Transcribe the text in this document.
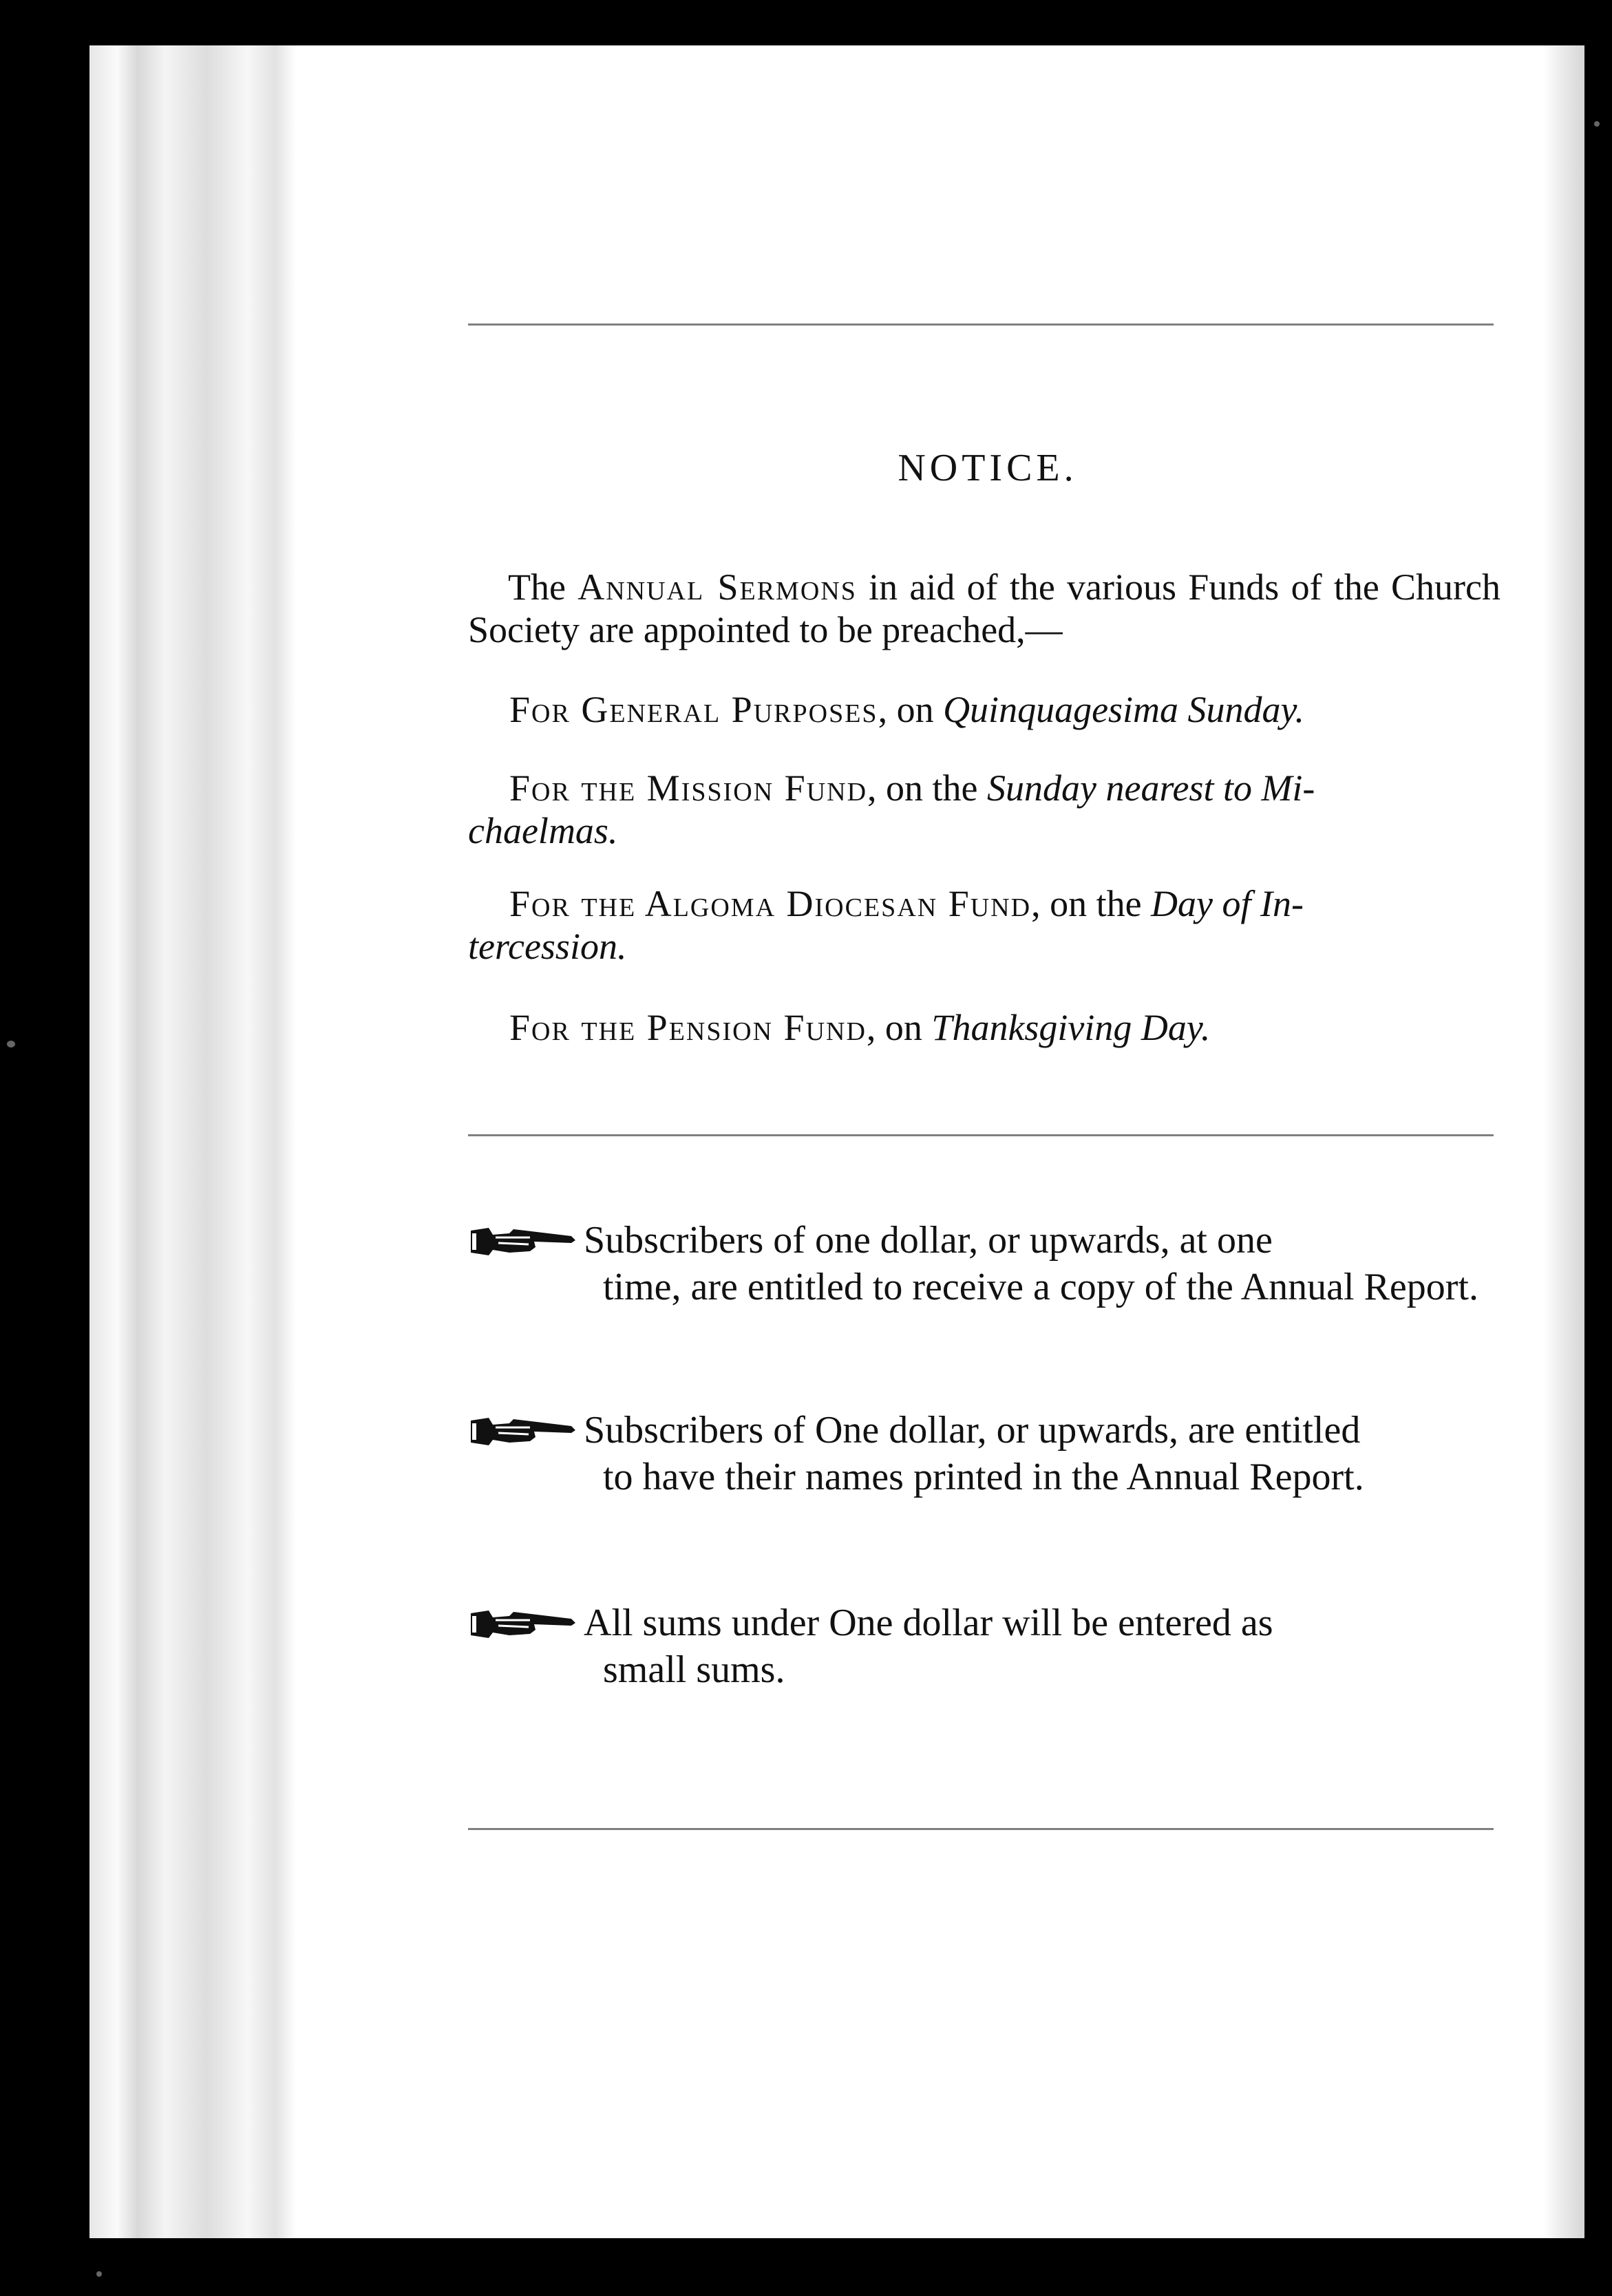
NOTICE.

The Annual Sermons in aid of the various Funds of the Church Society are appointed to be preached,—

For General Purposes, on Quinquagesima Sunday.

For the Mission Fund, on the Sunday nearest to Mi-
chaelmas.

For the Algoma Diocesan Fund, on the Day of In-
tercession.

For the Pension Fund, on Thanksgiving Day.

Subscribers of one dollar, or upwards, at one
time, are entitled to receive a copy of the Annual Report.
Subscribers of One dollar, or upwards, are entitled
to have their names printed in the Annual Report.
All sums under One dollar will be entered as
small sums.
